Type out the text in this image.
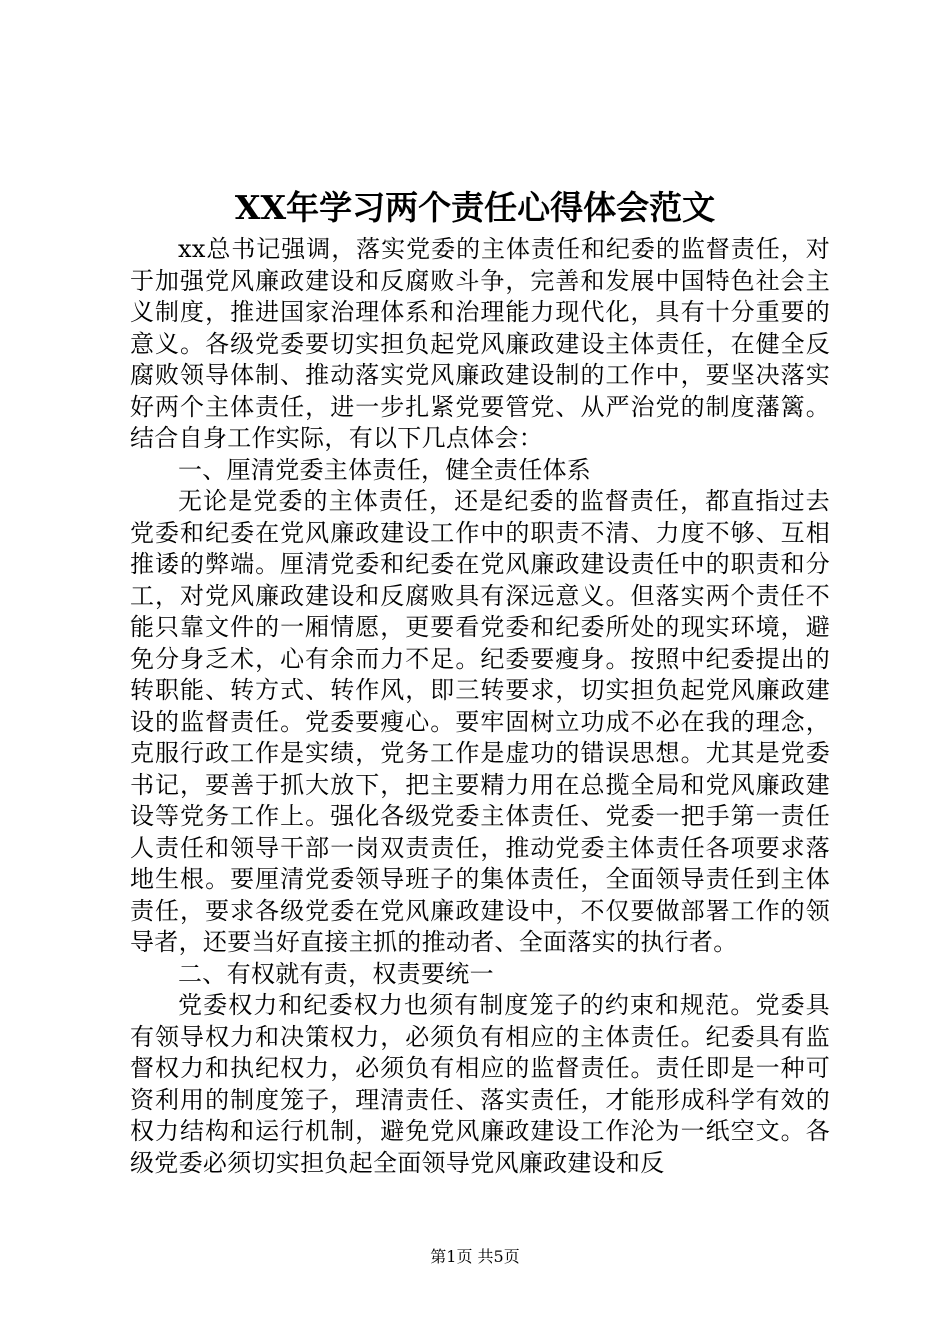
XX年学习两个责任心得体会范文

xx总书记强调，落实党委的主体责任和纪委的监督责任，对于加强党风廉政建设和反腐败斗争，完善和发展中国特色社会主义制度，推进国家治理体系和治理能力现代化，具有十分重要的意义。各级党委要切实担负起党风廉政建设主体责任，在健全反腐败领导体制、推动落实党风廉政建设制的工作中，要坚决落实好两个主体责任，进一步扎紧党要管党、从严治党的制度藩篱。结合自身工作实际，有以下几点体会：

一、厘清党委主体责任，健全责任体系

无论是党委的主体责任，还是纪委的监督责任，都直指过去党委和纪委在党风廉政建设工作中的职责不清、力度不够、互相推诿的弊端。厘清党委和纪委在党风廉政建设责任中的职责和分工，对党风廉政建设和反腐败具有深远意义。但落实两个责任不能只靠文件的一厢情愿，更要看党委和纪委所处的现实环境，避免分身乏术，心有余而力不足。纪委要瘦身。按照中纪委提出的转职能、转方式、转作风，即三转要求，切实担负起党风廉政建设的监督责任。党委要瘦心。要牢固树立功成不必在我的理念，克服行政工作是实绩，党务工作是虚功的错误思想。尤其是党委书记，要善于抓大放下，把主要精力用在总揽全局和党风廉政建设等党务工作上。强化各级党委主体责任、党委一把手第一责任人责任和领导干部一岗双责责任，推动党委主体责任各项要求落地生根。要厘清党委领导班子的集体责任，全面领导责任到主体责任，要求各级党委在党风廉政建设中，不仅要做部署工作的领导者，还要当好直接主抓的推动者、全面落实的执行者。

二、有权就有责，权责要统一

党委权力和纪委权力也须有制度笼子的约束和规范。党委具有领导权力和决策权力，必须负有相应的主体责任。纪委具有监督权力和执纪权力，必须负有相应的监督责任。责任即是一种可资利用的制度笼子，理清责任、落实责任，才能形成科学有效的权力结构和运行机制，避免党风廉政建设工作沦为一纸空文。各级党委必须切实担负起全面领导党风廉政建设和反

第1页 共5页
